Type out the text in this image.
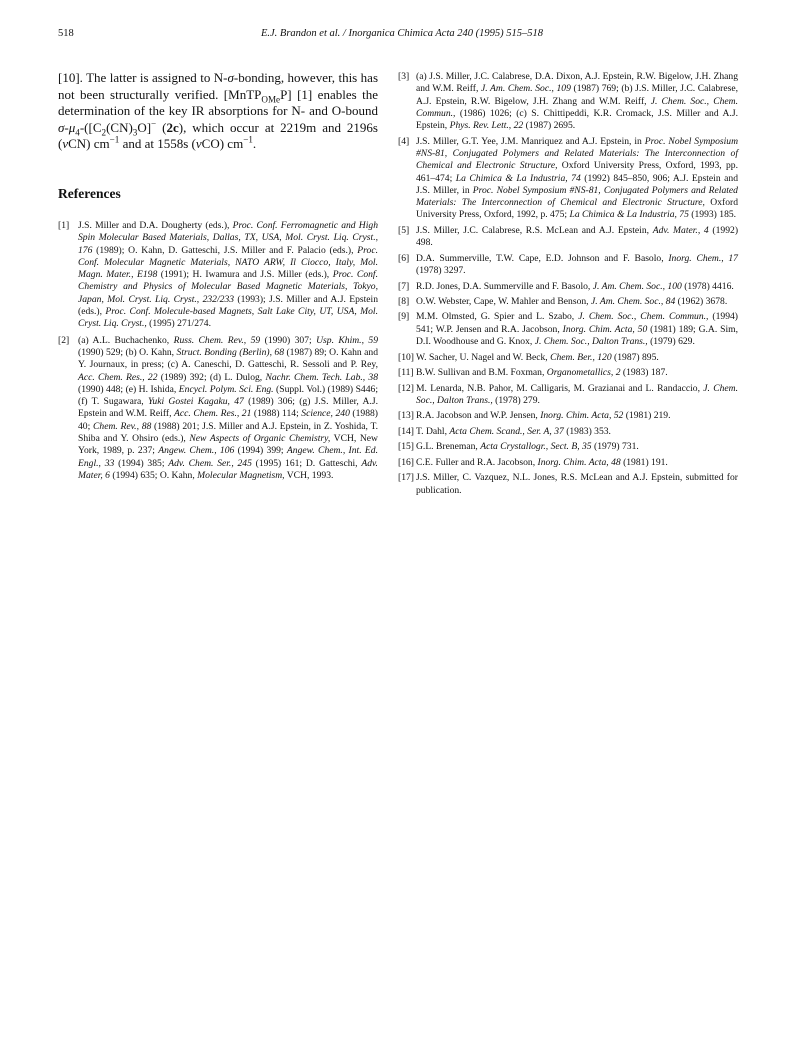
518	E.J. Brandon et al. / Inorganica Chimica Acta 240 (1995) 515–518

[10]. The latter is assigned to N-σ-bonding, however, this has not been structurally verified. [MnTP$_{OMe}$P] [1] enables the determination of the key IR absorptions for N- and O-bound $\sigma-\mu_4-([C_2(CN)_3O]^-$ (2c), which occur at 2219m and 2196s (νCN) $cm^{-1}$ and at 1558s (νCO) $cm^{-1}$.

References
[1] J.S. Miller and D.A. Dougherty (eds.), Proc. Conf. Ferromagnetic and High Spin Molecular Based Materials, Dallas, TX, USA, Mol. Cryst. Liq. Cryst., 176 (1989); O. Kahn, D. Gatteschi, J.S. Miller and F. Palacio (eds.), Proc. Conf. Molecular Magnetic Materials, NATO ARW, Il Ciocco, Italy, Mol. Magn. Mater., E198 (1991); H. Iwamura and J.S. Miller (eds.), Proc. Conf. Chemistry and Physics of Molecular Based Magnetic Materials, Tokyo, Japan, Mol. Cryst. Liq. Cryst., 232/233 (1993); J.S. Miller and A.J. Epstein (eds.), Proc. Conf. Molecule-based Magnets, Salt Lake City, UT, USA, Mol. Cryst. Liq. Cryst., (1995) 271/274.
[2] (a) A.L. Buchachenko, Russ. Chem. Rev., 59 (1990) 307; Usp. Khim., 59 (1990) 529; (b) O. Kahn, Struct. Bonding (Berlin), 68 (1987) 89; O. Kahn and Y. Journaux, in press; (c) A. Caneschi, D. Gatteschi, R. Sessoli and P. Rey, Acc. Chem. Res., 22 (1989) 392; (d) L. Dulog, Nachr. Chem. Tech. Lab., 38 (1990) 448; (e) H. Ishida, Encycl. Polym. Sci. Eng. (Suppl. Vol.) (1989) S446; (f) T. Sugawara, Yuki Gostei Kagaku, 47 (1989) 306; (g) J.S. Miller, A.J. Epstein and W.M. Reiff, Acc. Chem. Res., 21 (1988) 114; Science, 240 (1988) 40; Chem. Rev., 88 (1988) 201; J.S. Miller and A.J. Epstein, in Z. Yoshida, T. Shiba and Y. Ohsiro (eds.), New Aspects of Organic Chemistry, VCH, New York, 1989, p. 237; Angew. Chem., 106 (1994) 399; Angew. Chem., Int. Ed. Engl., 33 (1994) 385; Adv. Chem. Ser., 245 (1995) 161; D. Gatteschi, Adv. Mater, 6 (1994) 635; O. Kahn, Molecular Magnetism, VCH, 1993.
[3] (a) J.S. Miller, J.C. Calabrese, D.A. Dixon, A.J. Epstein, R.W. Bigelow, J.H. Zhang and W.M. Reiff, J. Am. Chem. Soc., 109 (1987) 769; (b) J.S. Miller, J.C. Calabrese, A.J. Epstein, R.W. Bigelow, J.H. Zhang and W.M. Reiff, J. Chem. Soc., Chem. Commun., (1986) 1026; (c) S. Chittipeddi, K.R. Cromack, J.S. Miller and A.J. Epstein, Phys. Rev. Lett., 22 (1987) 2695.
[4] J.S. Miller, G.T. Yee, J.M. Manriquez and A.J. Epstein, in Proc. Nobel Symposium #NS-81, Conjugated Polymers and Related Materials: The Interconnection of Chemical and Electronic Structure, Oxford University Press, Oxford, 1993, pp. 461–474; La Chimica & La Industria, 74 (1992) 845–850, 906; A.J. Epstein and J.S. Miller, in Proc. Nobel Symposium #NS-81, Conjugated Polymers and Related Materials: The Interconnection of Chemical and Electronic Structure, Oxford University Press, Oxford, 1992, p. 475; La Chimica & La Industria, 75 (1993) 185.
[5] J.S. Miller, J.C. Calabrese, R.S. McLean and A.J. Epstein, Adv. Mater., 4 (1992) 498.
[6] D.A. Summerville, T.W. Cape, E.D. Johnson and F. Basolo, Inorg. Chem., 17 (1978) 3297.
[7] R.D. Jones, D.A. Summerville and F. Basolo, J. Am. Chem. Soc., 100 (1978) 4416.
[8] O.W. Webster, Cape, W. Mahler and Benson, J. Am. Chem. Soc., 84 (1962) 3678.
[9] M.M. Olmsted, G. Spier and L. Szabo, J. Chem. Soc., Chem. Commun., (1994) 541; W.P. Jensen and R.A. Jacobson, Inorg. Chim. Acta, 50 (1981) 189; G.A. Sim, D.I. Woodhouse and G. Knox, J. Chem. Soc., Dalton Trans., (1979) 629.
[10] W. Sacher, U. Nagel and W. Beck, Chem. Ber., 120 (1987) 895.
[11] B.W. Sullivan and B.M. Foxman, Organometallics, 2 (1983) 187.
[12] M. Lenarda, N.B. Pahor, M. Calligaris, M. Grazianai and L. Randaccio, J. Chem. Soc., Dalton Trans., (1978) 279.
[13] R.A. Jacobson and W.P. Jensen, Inorg. Chim. Acta, 52 (1981) 219.
[14] T. Dahl, Acta Chem. Scand., Ser. A, 37 (1983) 353.
[15] G.L. Breneman, Acta Crystallogr., Sect. B, 35 (1979) 731.
[16] C.E. Fuller and R.A. Jacobson, Inorg. Chim. Acta, 48 (1981) 191.
[17] J.S. Miller, C. Vazquez, N.L. Jones, R.S. McLean and A.J. Epstein, submitted for publication.
